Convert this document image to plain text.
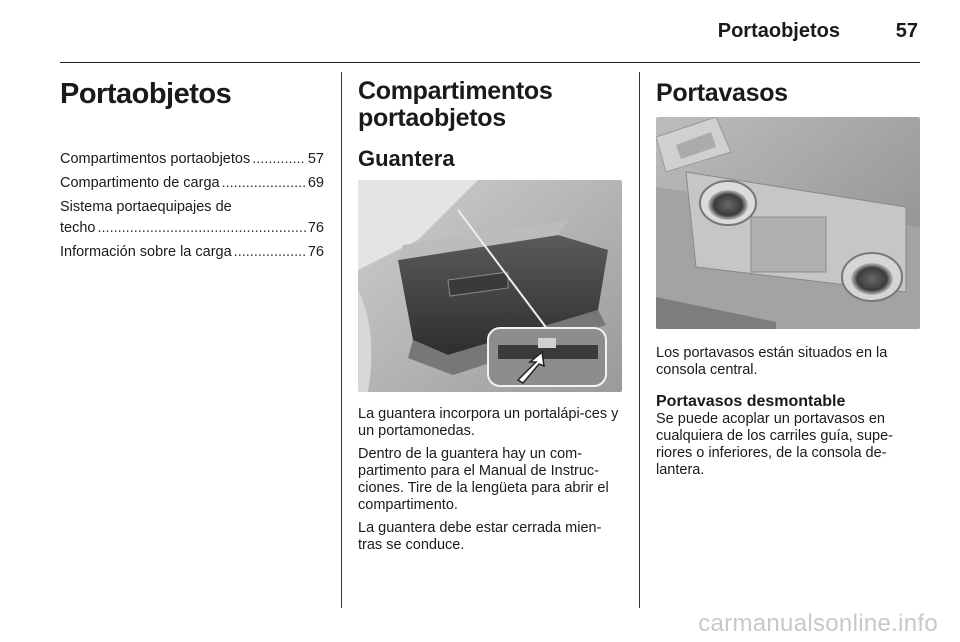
Portaobjetos	57
Portaobjetos
Compartimentos portaobjetos .....	57
Compartimento de carga .....	69
Sistema portaequipajes de
techo .....	76
Información sobre la carga .....	76
Compartimentos
portaobjetos
Guantera

La guantera incorpora un portalápi-ces y un portamonedas.

Dentro de la guantera hay un com-partimento para el Manual de Instruc-ciones. Tire de la lengüeta para abrir el compartimento.

La guantera debe estar cerrada mien-tras se conduce.

Portavasos

Los portavasos están situados en la consola central.

Portavasos desmontable

Se puede acoplar un portavasos en cualquiera de los carriles guía, supe-riores o inferiores, de la consola de-lantera.

carmanualsonline.info
